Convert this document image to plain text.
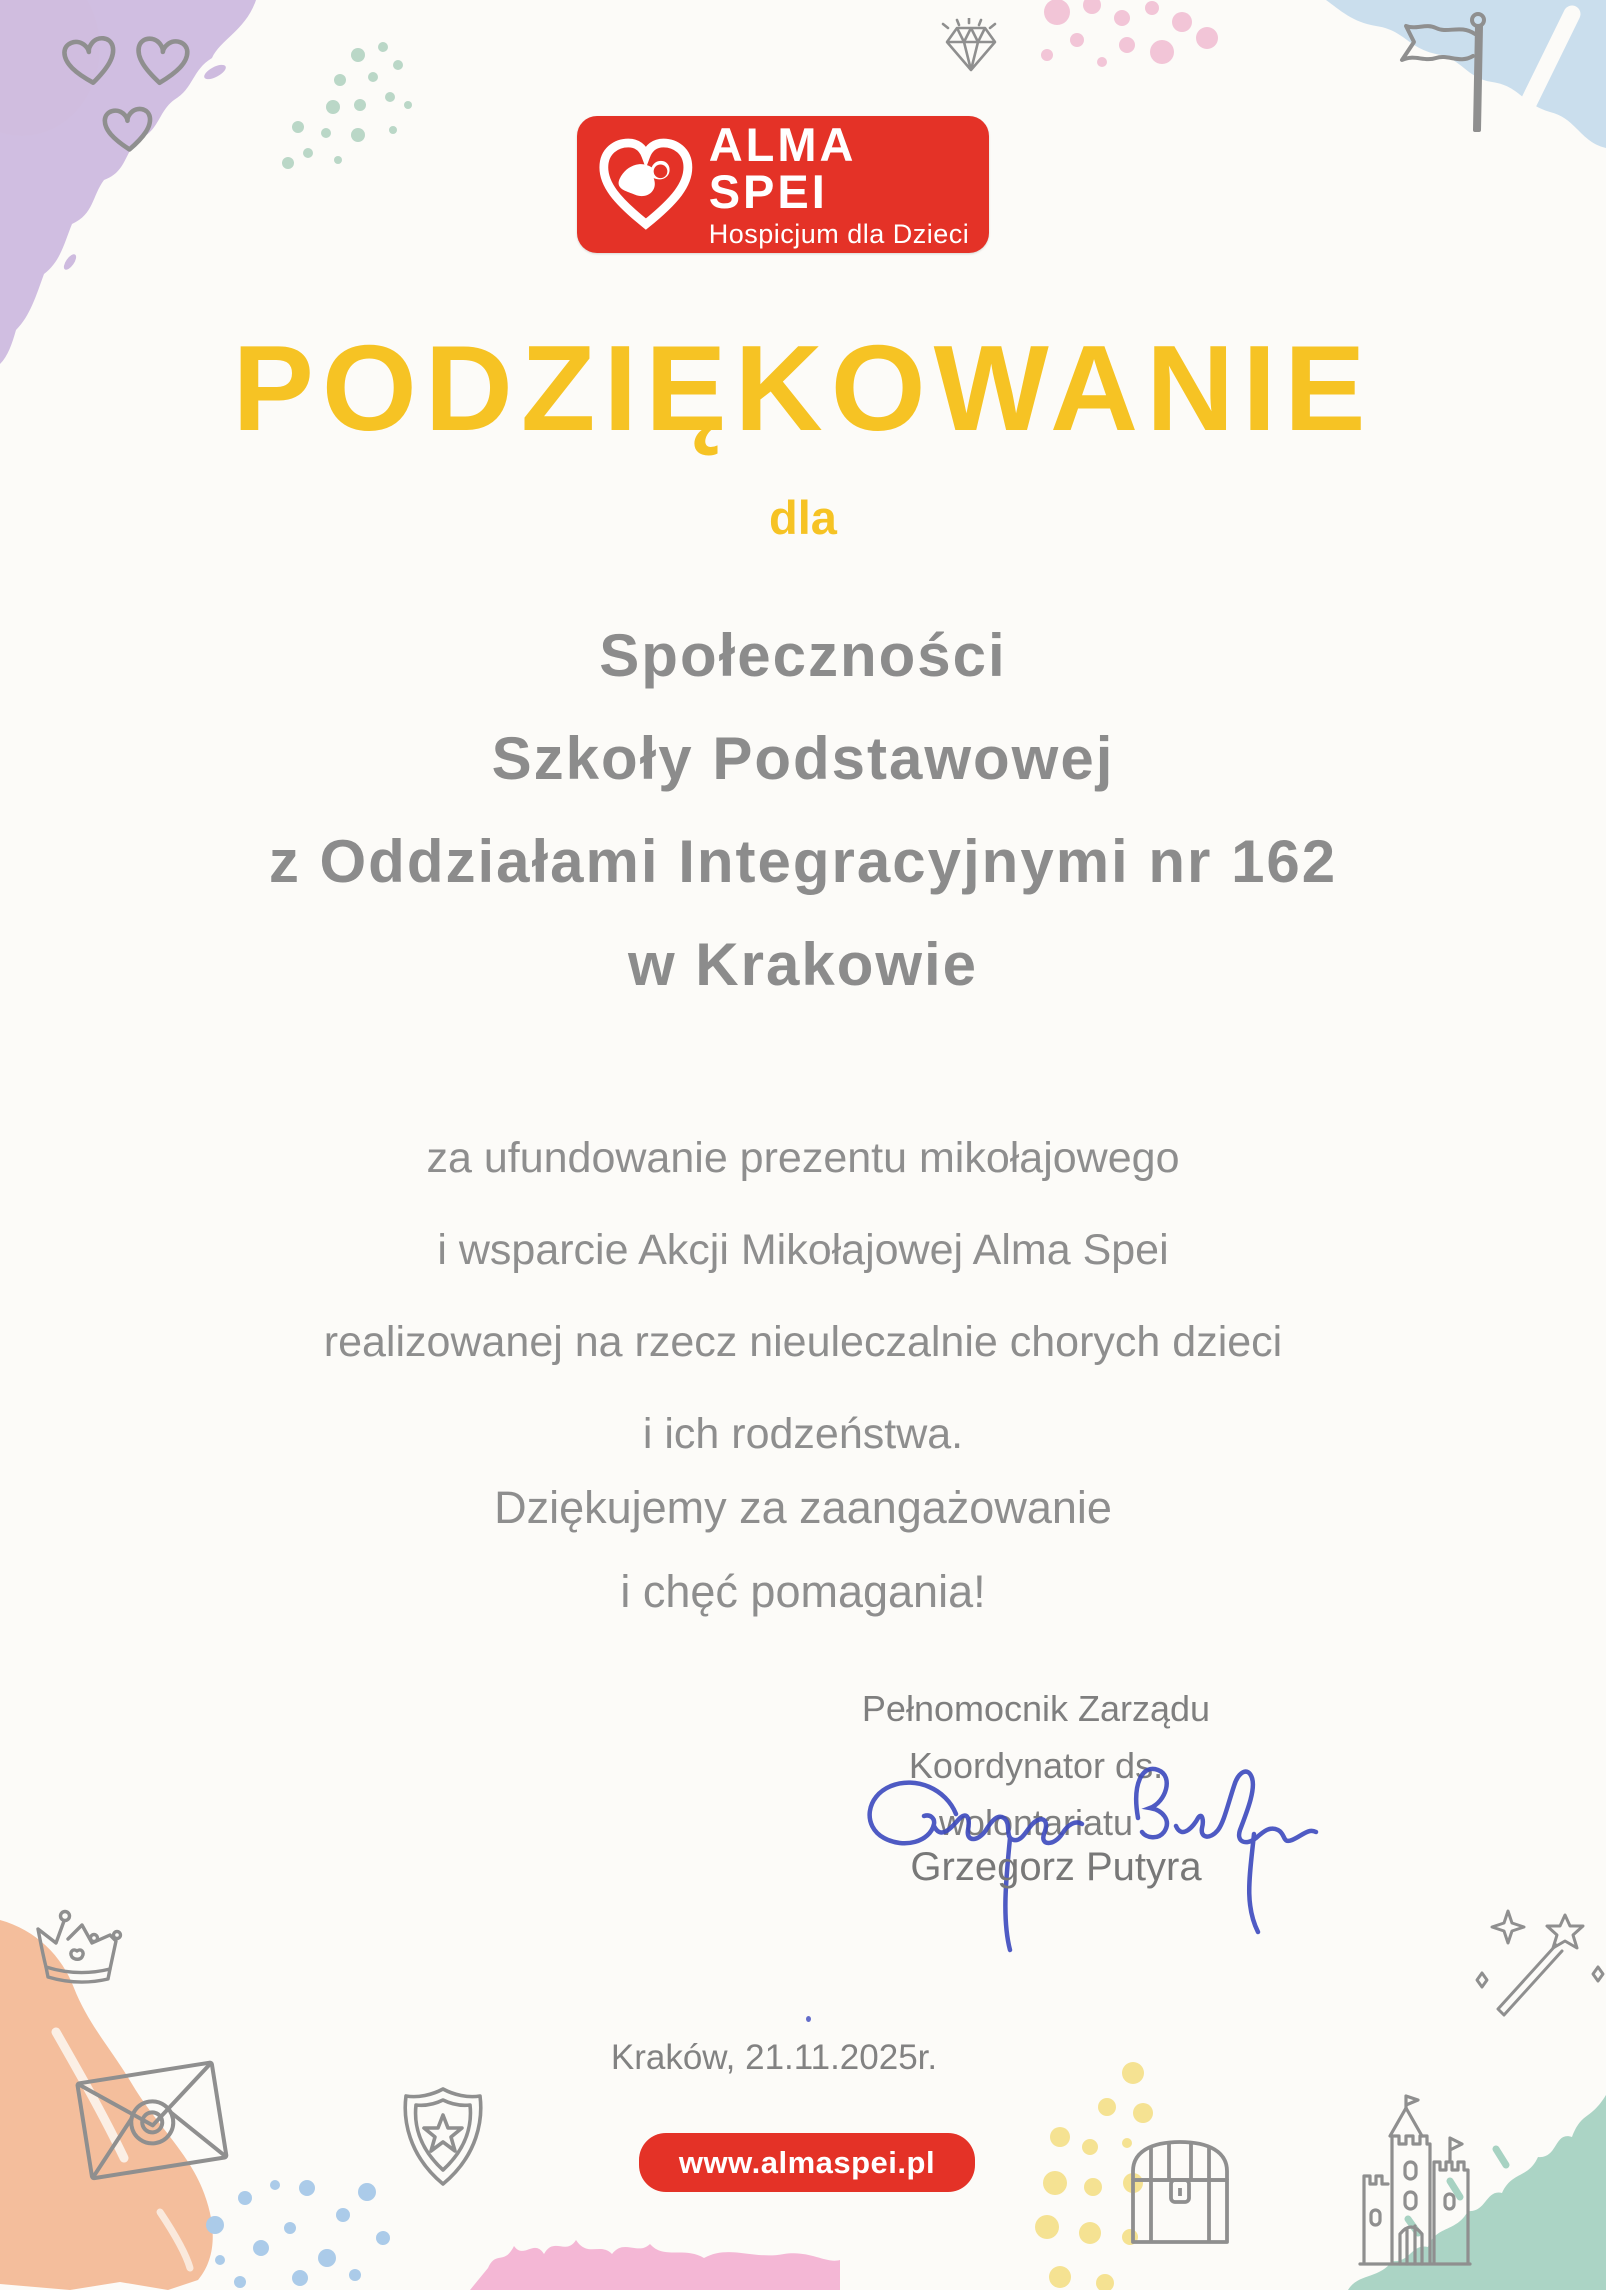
ALMA SPEI
Hospicjum dla Dzieci
PODZIĘKOWANIE
dla
Społeczności
Szkoły Podstawowej
z Oddziałami Integracyjnymi nr 162
w Krakowie
za ufundowanie prezentu mikołajowego
i wsparcie Akcji Mikołajowej Alma Spei
realizowanej na rzecz nieuleczalnie chorych dzieci
i ich rodzeństwa.
Dziękujemy za zaangażowanie
i chęć pomagania!
Pełnomocnik Zarządu
Koordynator ds. wolontariatu
Grzegorz Putyra
Kraków, 21.11.2025r.
www.almaspei.pl
